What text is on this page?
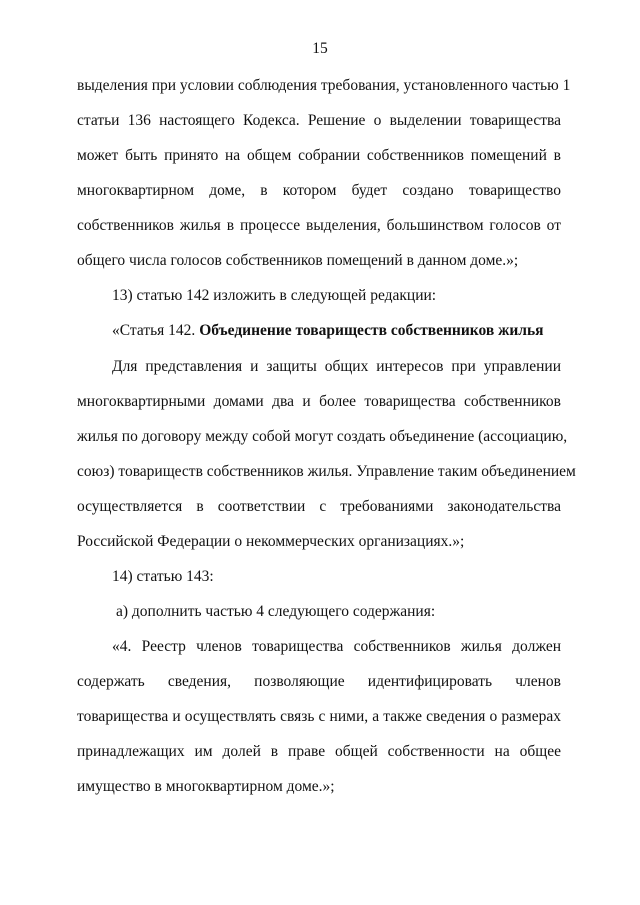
15
выделения при условии соблюдения требования, установленного частью 1
статьи 136 настоящего Кодекса. Решение о выделении товарищества
может быть принято на общем собрании собственников помещений в
многоквартирном доме, в котором будет создано товарищество
собственников жилья в процессе выделения, большинством голосов от
общего числа голосов собственников помещений в данном доме.»;
13) статью 142 изложить в следующей редакции:
«Статья 142. Объединение товариществ собственников жилья
Для представления и защиты общих интересов при управлении
многоквартирными домами два и более товарищества собственников
жилья по договору между собой могут создать объединение (ассоциацию,
союз) товариществ собственников жилья. Управление таким объединением
осуществляется в соответствии с требованиями законодательства
Российской Федерации о некоммерческих организациях.»;
14) статью 143:
а) дополнить частью 4 следующего содержания:
«4. Реестр членов товарищества собственников жилья должен
содержать сведения, позволяющие идентифицировать членов
товарищества и осуществлять связь с ними, а также сведения о размерах
принадлежащих им долей в праве общей собственности на общее
имущество в многоквартирном доме.»;
